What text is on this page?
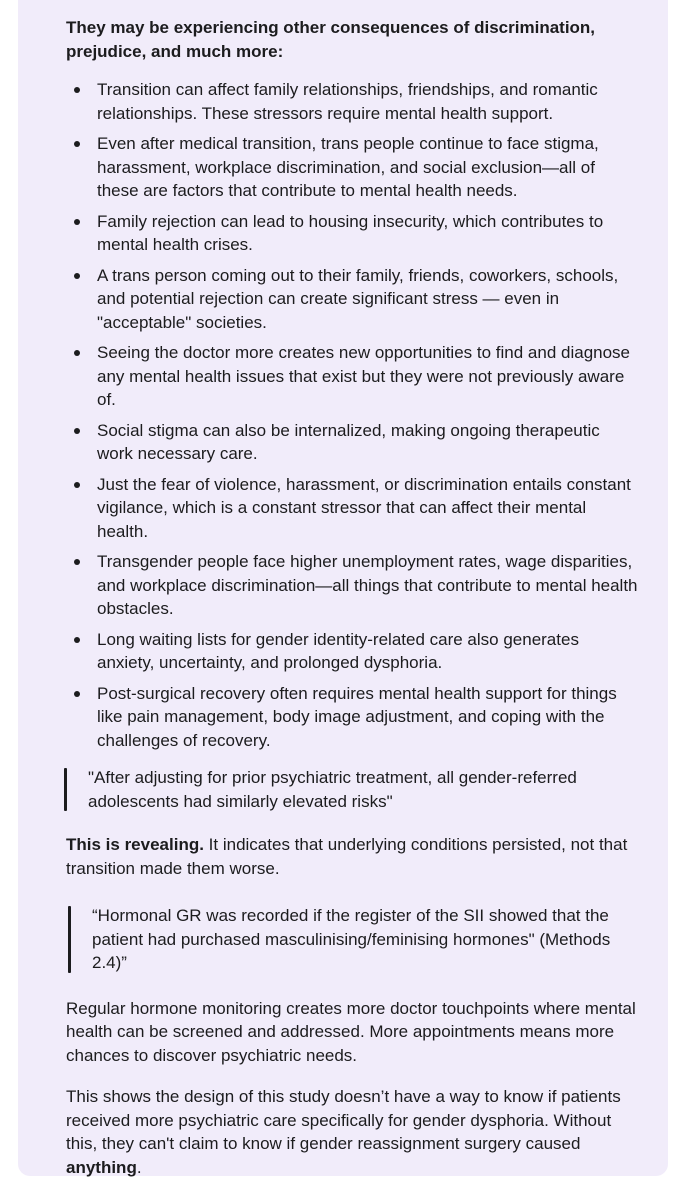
They may be experiencing other consequences of discrimination, prejudice, and much more:

Transition can affect family relationships, friendships, and romantic relationships. These stressors require mental health support.
Even after medical transition, trans people continue to face stigma, harassment, workplace discrimination, and social exclusion—all of these are factors that contribute to mental health needs.
Family rejection can lead to housing insecurity, which contributes to mental health crises.
A trans person coming out to their family, friends, coworkers, schools, and potential rejection can create significant stress — even in "acceptable" societies.
Seeing the doctor more creates new opportunities to find and diagnose any mental health issues that exist but they were not previously aware of.
Social stigma can also be internalized, making ongoing therapeutic work necessary care.
Just the fear of violence, harassment, or discrimination entails constant vigilance, which is a constant stressor that can affect their mental health.
Transgender people face higher unemployment rates, wage disparities, and workplace discrimination—all things that contribute to mental health obstacles.
Long waiting lists for gender identity-related care also generates anxiety, uncertainty, and prolonged dysphoria.
Post-surgical recovery often requires mental health support for things like pain management, body image adjustment, and coping with the challenges of recovery.
"After adjusting for prior psychiatric treatment, all gender-referred adolescents had similarly elevated risks"

This is revealing. It indicates that underlying conditions persisted, not that transition made them worse.

“Hormonal GR was recorded if the register of the SII showed that the patient had purchased masculinising/feminising hormones" (Methods 2.4)”

Regular hormone monitoring creates more doctor touchpoints where mental health can be screened and addressed. More appointments means more chances to discover psychiatric needs.

This shows the design of this study doesn’t have a way to know if patients received more psychiatric care specifically for gender dysphoria. Without this, they can't claim to know if gender reassignment surgery caused anything.
